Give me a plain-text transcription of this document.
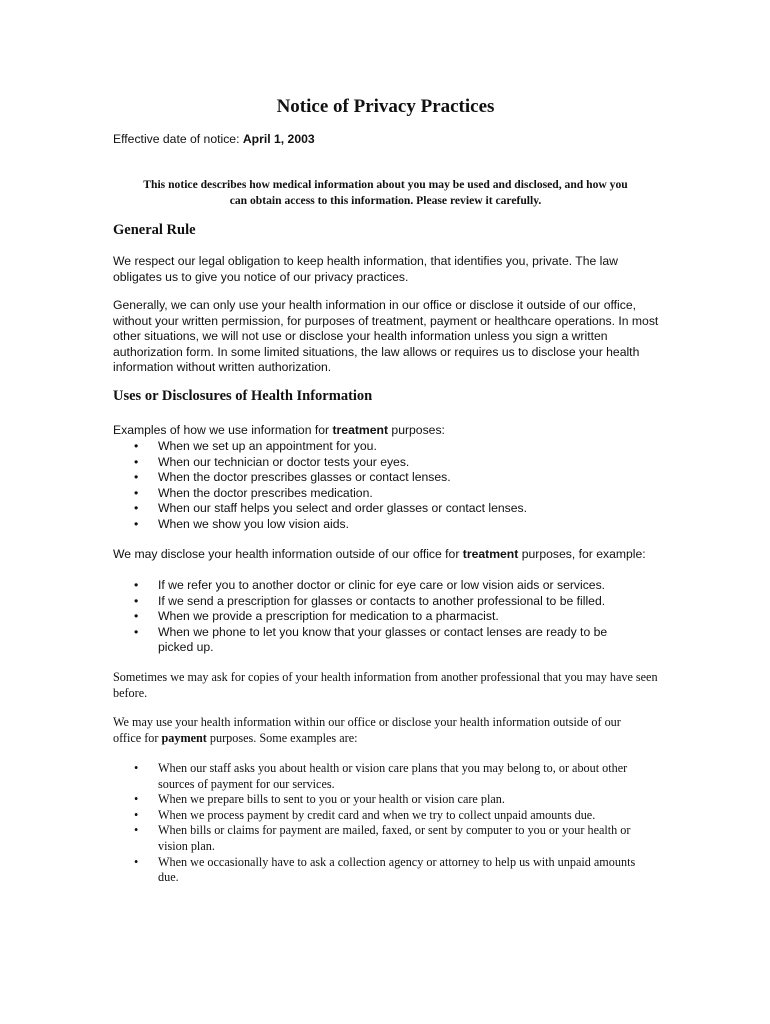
Notice of Privacy Practices
Effective date of notice: April 1, 2003
This notice describes how medical information about you may be used and disclosed, and how you
can obtain access to this information. Please review it carefully.
General Rule

We respect our legal obligation to keep health information, that identifies you, private. The law obligates us to give you notice of our privacy practices.

Generally, we can only use your health information in our office or disclose it outside of our office, without your written permission, for purposes of treatment, payment or healthcare operations. In most other situations, we will not use or disclose your health information unless you sign a written authorization form. In some limited situations, the law allows or requires us to disclose your health information without written authorization.

Uses or Disclosures of Health Information

Examples of how we use information for treatment purposes:

• When we set up an appointment for you.
• When our technician or doctor tests your eyes.
• When the doctor prescribes glasses or contact lenses.
• When the doctor prescribes medication.
• When our staff helps you select and order glasses or contact lenses.
• When we show you low vision aids.

We may disclose your health information outside of our office for treatment purposes, for example:

• If we refer you to another doctor or clinic for eye care or low vision aids or services.
• If we send a prescription for glasses or contacts to another professional to be filled.
• When we provide a prescription for medication to a pharmacist.
• When we phone to let you know that your glasses or contact lenses are ready to be picked up.

Sometimes we may ask for copies of your health information from another professional that you may have seen before.

We may use your health information within our office or disclose your health information outside of our office for payment purposes. Some examples are:

• When our staff asks you about health or vision care plans that you may belong to, or about other sources of payment for our services.
• When we prepare bills to sent to you or your health or vision care plan.
• When we process payment by credit card and when we try to collect unpaid amounts due.
• When bills or claims for payment are mailed, faxed, or sent by computer to you or your health or vision plan.
• When we occasionally have to ask a collection agency or attorney to help us with unpaid amounts due.
